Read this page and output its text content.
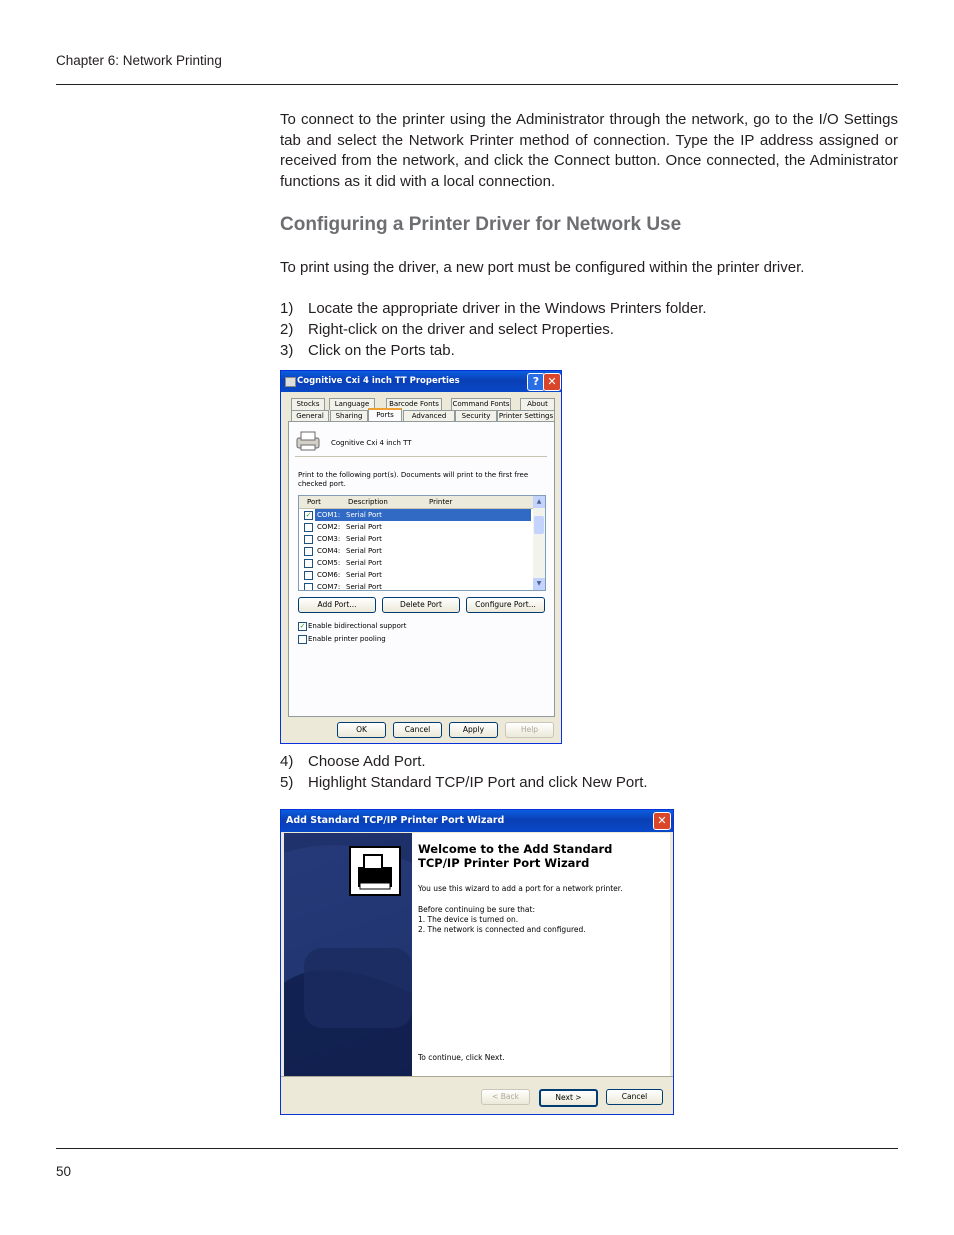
Chapter 6: Network Printing
To connect to the printer using the Administrator through the network, go to the I/O Settings tab and select the Network Printer method of connection. Type the IP address assigned or received from the network, and click the Connect button. Once connected, the Administrator functions as it did with a local connection.
Configuring a Printer Driver for Network Use
To print using the driver, a new port must be configured within the printer driver.
1) Locate the appropriate driver in the Windows Printers folder.
2) Right-click on the driver and select Properties.
3) Click on the Ports tab.
Cognitive Cxi 4 inch TT Properties	? ✕
Stocks	Language	Barcode Fonts	Command Fonts	About
General	Sharing	Ports	Advanced	Security	Printer Settings
Cognitive Cxi 4 inch TT
Print to the following port(s). Documents will print to the first free
checked port.
Port	Description	Printer
✓ COM1: Serial Port
COM2: Serial Port
COM3: Serial Port
COM4: Serial Port
COM5: Serial Port
COM6: Serial Port
COM7: Serial Port
▲
▼
Add Port...	Delete Port	Configure Port...
✓ Enable bidirectional support
Enable printer pooling
OK	Cancel	Apply	Help
4) Choose Add Port.
5) Highlight Standard TCP/IP Port and click New Port.
Add Standard TCP/IP Printer Port Wizard	✕
Welcome to the Add Standard
TCP/IP Printer Port Wizard
You use this wizard to add a port for a network printer.
Before continuing be sure that:
1. The device is turned on.
2. The network is connected and configured.
To continue, click Next.
< Back	Next >	Cancel
50
